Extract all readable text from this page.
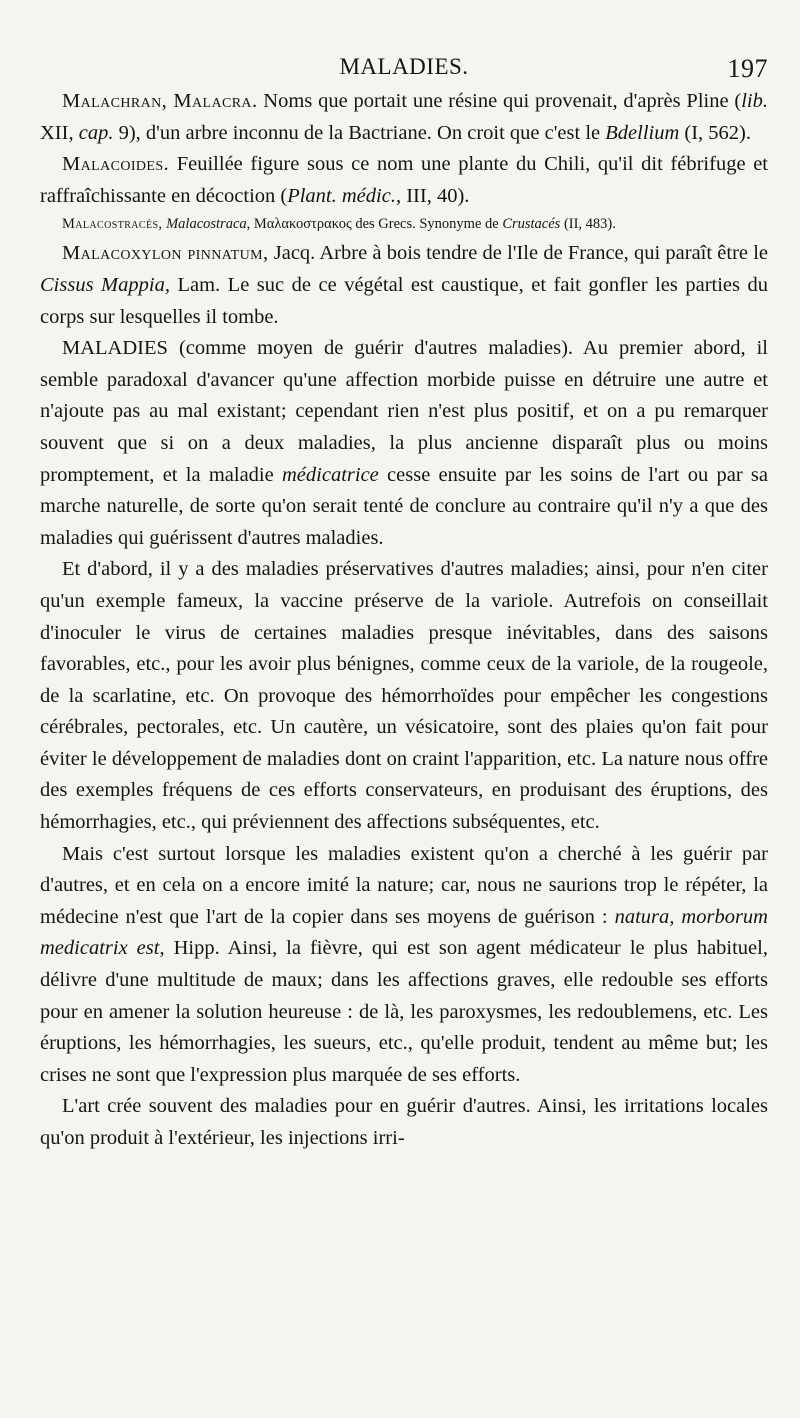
MALADIES.	197

Malachran, Malacra. Noms que portait une résine qui provenait, d'après Pline (lib. XII, cap. 9), d'un arbre inconnu de la Bactriane. On croit que c'est le Bdellium (I, 562).

Malacoides. Feuillée figure sous ce nom une plante du Chili, qu'il dit fébrifuge et raffraîchissante en décoction (Plant. médic., III, 40).

Malacostracés, Malacostraca, Μαλακοστρακος des Grecs. Synonyme de Crustacés (II, 483).

Malacoxylon pinnatum, Jacq. Arbre à bois tendre de l'Ile de France, qui paraît être le Cissus Mappia, Lam. Le suc de ce végétal est caustique, et fait gonfler les parties du corps sur lesquelles il tombe.

MALADIES (comme moyen de guérir d'autres maladies). Au premier abord, il semble paradoxal d'avancer qu'une affection morbide puisse en détruire une autre et n'ajoute pas au mal existant; cependant rien n'est plus positif, et on a pu remarquer souvent que si on a deux maladies, la plus ancienne disparaît plus ou moins promptement, et la maladie médicatrice cesse ensuite par les soins de l'art ou par sa marche naturelle, de sorte qu'on serait tenté de conclure au contraire qu'il n'y a que des maladies qui guérissent d'autres maladies.

Et d'abord, il y a des maladies préservatives d'autres maladies; ainsi, pour n'en citer qu'un exemple fameux, la vaccine préserve de la variole. Autrefois on conseillait d'inoculer le virus de certaines maladies presque inévitables, dans des saisons favorables, etc., pour les avoir plus bénignes, comme ceux de la variole, de la rougeole, de la scarlatine, etc. On provoque des hémorrhoïdes pour empêcher les congestions cérébrales, pectorales, etc. Un cautère, un vésicatoire, sont des plaies qu'on fait pour éviter le développement de maladies dont on craint l'apparition, etc. La nature nous offre des exemples fréquens de ces efforts conservateurs, en produisant des éruptions, des hémorrhagies, etc., qui préviennent des affections subséquentes, etc.

Mais c'est surtout lorsque les maladies existent qu'on a cherché à les guérir par d'autres, et en cela on a encore imité la nature; car, nous ne saurions trop le répéter, la médecine n'est que l'art de la copier dans ses moyens de guérison : natura, morborum medicatrix est, Hipp. Ainsi, la fièvre, qui est son agent médicateur le plus habituel, délivre d'une multitude de maux; dans les affections graves, elle redouble ses efforts pour en amener la solution heureuse : de là, les paroxysmes, les redoublemens, etc. Les éruptions, les hémorrhagies, les sueurs, etc., qu'elle produit, tendent au même but; les crises ne sont que l'expression plus marquée de ses efforts.

L'art crée souvent des maladies pour en guérir d'autres. Ainsi, les irritations locales qu'on produit à l'extérieur, les injections irri-
